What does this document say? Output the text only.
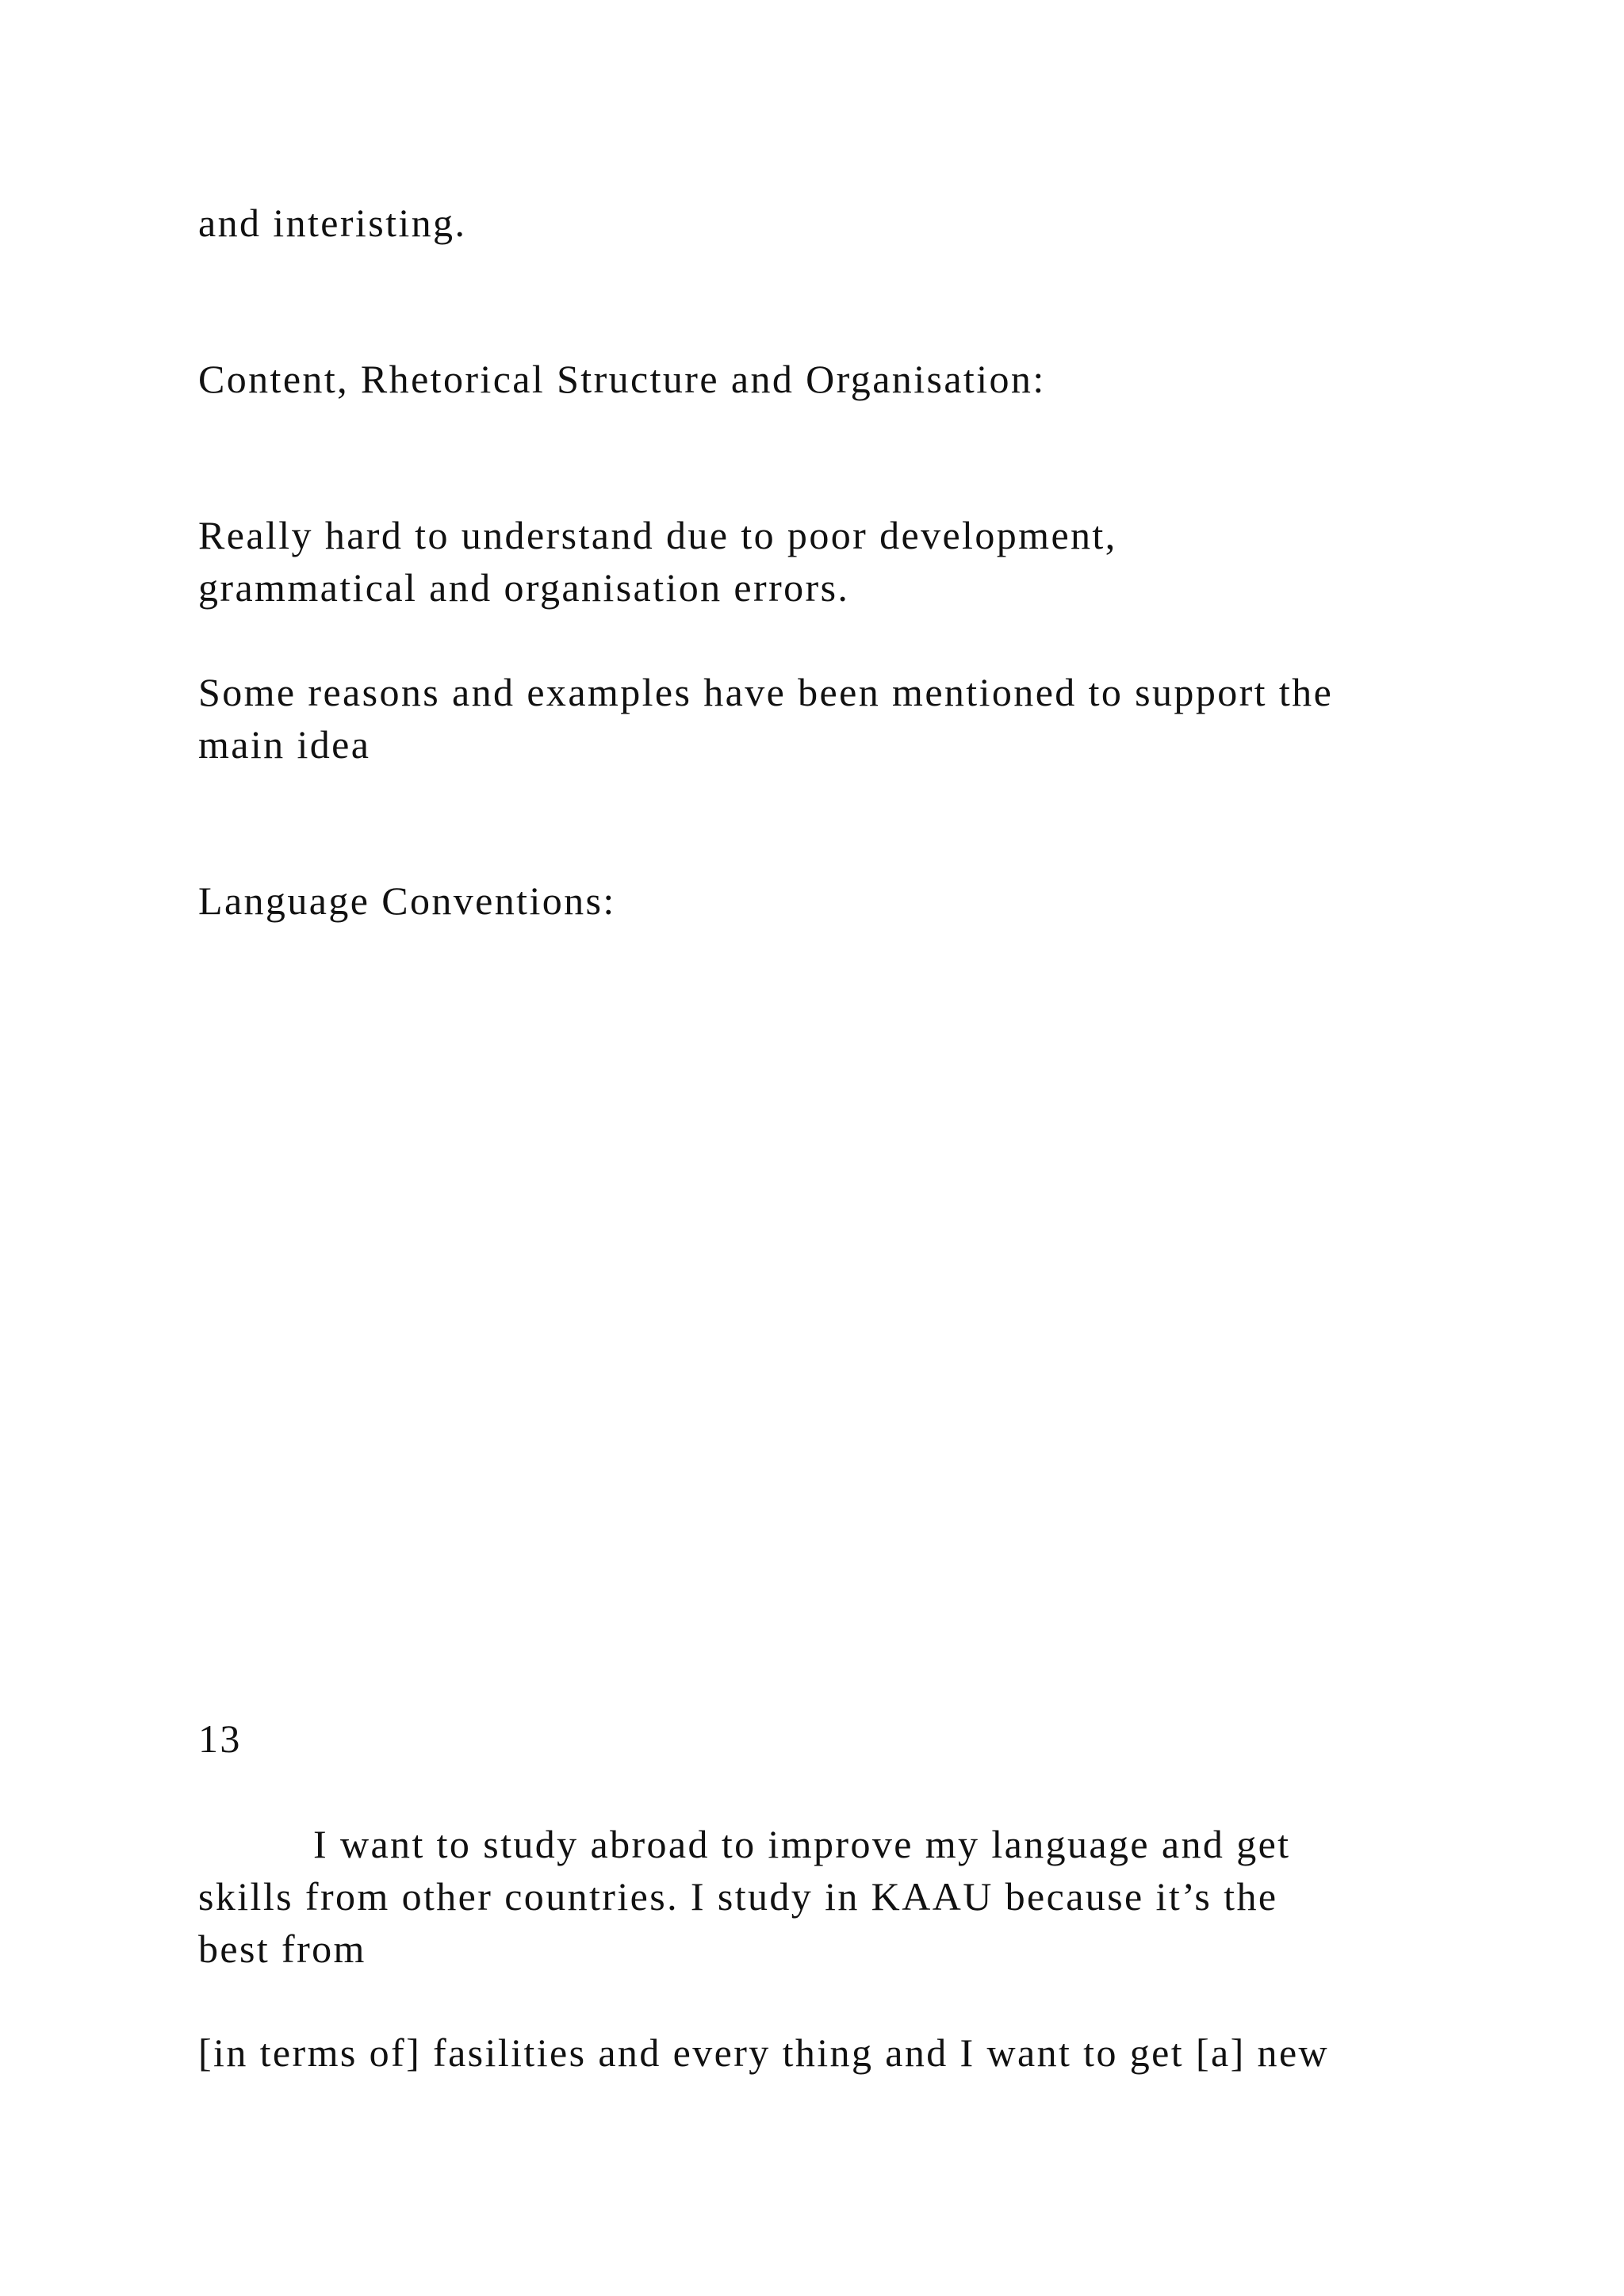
and interisting.

Content, Rhetorical Structure and Organisation:

Really hard to understand due to poor development,

grammatical and organisation errors.

Some reasons and examples have been mentioned to support the

main idea

Language Conventions:

13

I want to study abroad to improve my language and get

skills from other countries. I study in KAAU because it’s the

best from

[in terms of] fasilities and every thing and I want to get [a] new
